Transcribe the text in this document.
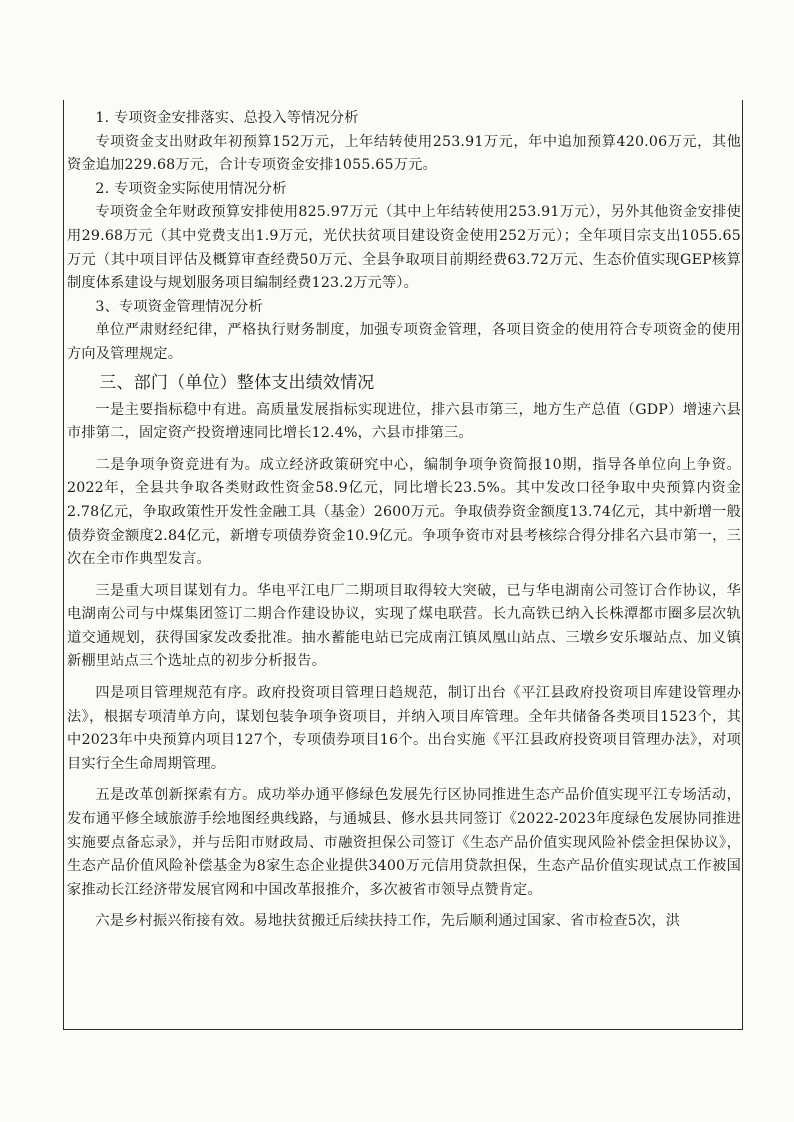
1. 专项资金安排落实、总投入等情况分析

专项资金支出财政年初预算152万元，上年结转使用253.91万元，年中追加预算420.06万元，其他资金追加229.68万元，合计专项资金安排1055.65万元。

2. 专项资金实际使用情况分析

专项资金全年财政预算安排使用825.97万元（其中上年结转使用253.91万元），另外其他资金安排使用29.68万元（其中党费支出1.9万元，光伏扶贫项目建设资金使用252万元）；全年项目宗支出1055.65万元（其中项目评估及概算审查经费50万元、全县争取项目前期经费63.72万元、生态价值实现GEP核算制度体系建设与规划服务项目编制经费123.2万元等）。

3、专项资金管理情况分析

单位严肃财经纪律，严格执行财务制度，加强专项资金管理，各项目资金的使用符合专项资金的使用方向及管理规定。

三、部门（单位）整体支出绩效情况

一是主要指标稳中有进。高质量发展指标实现进位，排六县市第三，地方生产总值（GDP）增速六县市排第二，固定资产投资增速同比增长12.4%，六县市排第三。

二是争项争资竞进有为。成立经济政策研究中心，编制争项争资简报10期，指导各单位向上争资。2022年，全县共争取各类财政性资金58.9亿元，同比增长23.5%。其中发改口径争取中央预算内资金2.78亿元，争取政策性开发性金融工具（基金）2600万元。争取债券资金额度13.74亿元，其中新增一般债券资金额度2.84亿元，新增专项债券资金10.9亿元。争项争资市对县考核综合得分排名六县市第一，三次在全市作典型发言。

三是重大项目谋划有力。华电平江电厂二期项目取得较大突破，已与华电湖南公司签订合作协议，华电湖南公司与中煤集团签订二期合作建设协议，实现了煤电联营。长九高铁已纳入长株潭都市圈多层次轨道交通规划，获得国家发改委批准。抽水蓄能电站已完成南江镇凤凰山站点、三墩乡安乐堰站点、加义镇新棚里站点三个选址点的初步分析报告。

四是项目管理规范有序。政府投资项目管理日趋规范，制订出台《平江县政府投资项目库建设管理办法》，根据专项清单方向，谋划包装争项争资项目，并纳入项目库管理。全年共储备各类项目1523个，其中2023年中央预算内项目127个，专项债券项目16个。出台实施《平江县政府投资项目管理办法》，对项目实行全生命周期管理。

五是改革创新探索有方。成功举办通平修绿色发展先行区协同推进生态产品价值实现平江专场活动，发布通平修全域旅游手绘地图经典线路，与通城县、修水县共同签订《2022-2023年度绿色发展协同推进实施要点备忘录》，并与岳阳市财政局、市融资担保公司签订《生态产品价值实现风险补偿金担保协议》，生态产品价值风险补偿基金为8家生态企业提供3400万元信用贷款担保，生态产品价值实现试点工作被国家推动长江经济带发展官网和中国改革报推介，多次被省市领导点赞肯定。

六是乡村振兴衔接有效。易地扶贫搬迁后续扶持工作，先后顺利通过国家、省市检查5次，洪
